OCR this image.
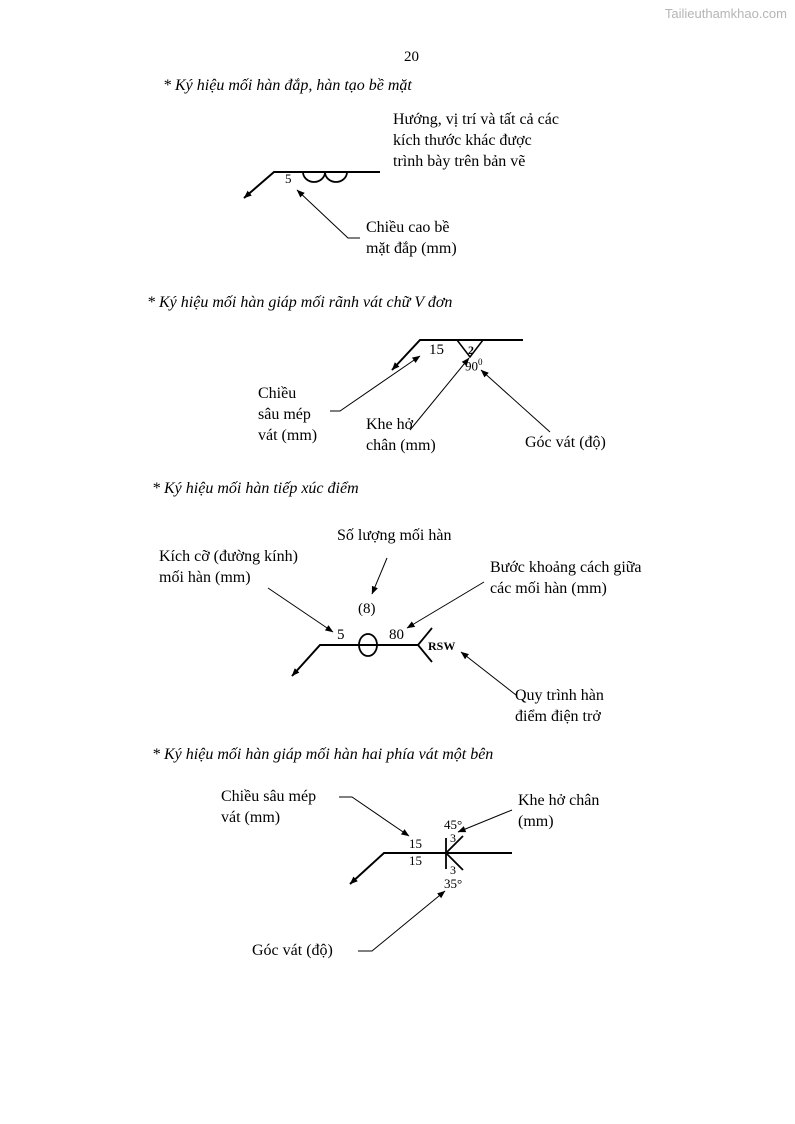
Tailieuthamkhao.com
20
* Ký hiệu mối hàn đắp, hàn tạo bề mặt
Hướng, vị trí và tất cả các
kích thước khác được
trình bày trên bản vẽ
5
Chiều cao bề
mặt đắp (mm)
* Ký hiệu mối hàn giáp mối rãnh vát chữ V đơn
15 2
$90^0$
Chiều
sâu mép
vát (mm)
Khe hở
chân (mm)	Góc vát (độ)
* Ký hiệu mối hàn tiếp xúc điểm
Số lượng mối hàn
Kích cỡ (đường kính)
mối hàn (mm)
Bước khoảng cách giữa
các mối hàn (mm)
(8)
5	80
RSW
Quy trình hàn
điểm điện trở
* Ký hiệu mối hàn giáp mối hàn hai phía vát một bên
Chiều sâu mép
vát (mm)
Khe hở chân
(mm)
45°
3
15
15
3
35°
Góc vát (độ)
